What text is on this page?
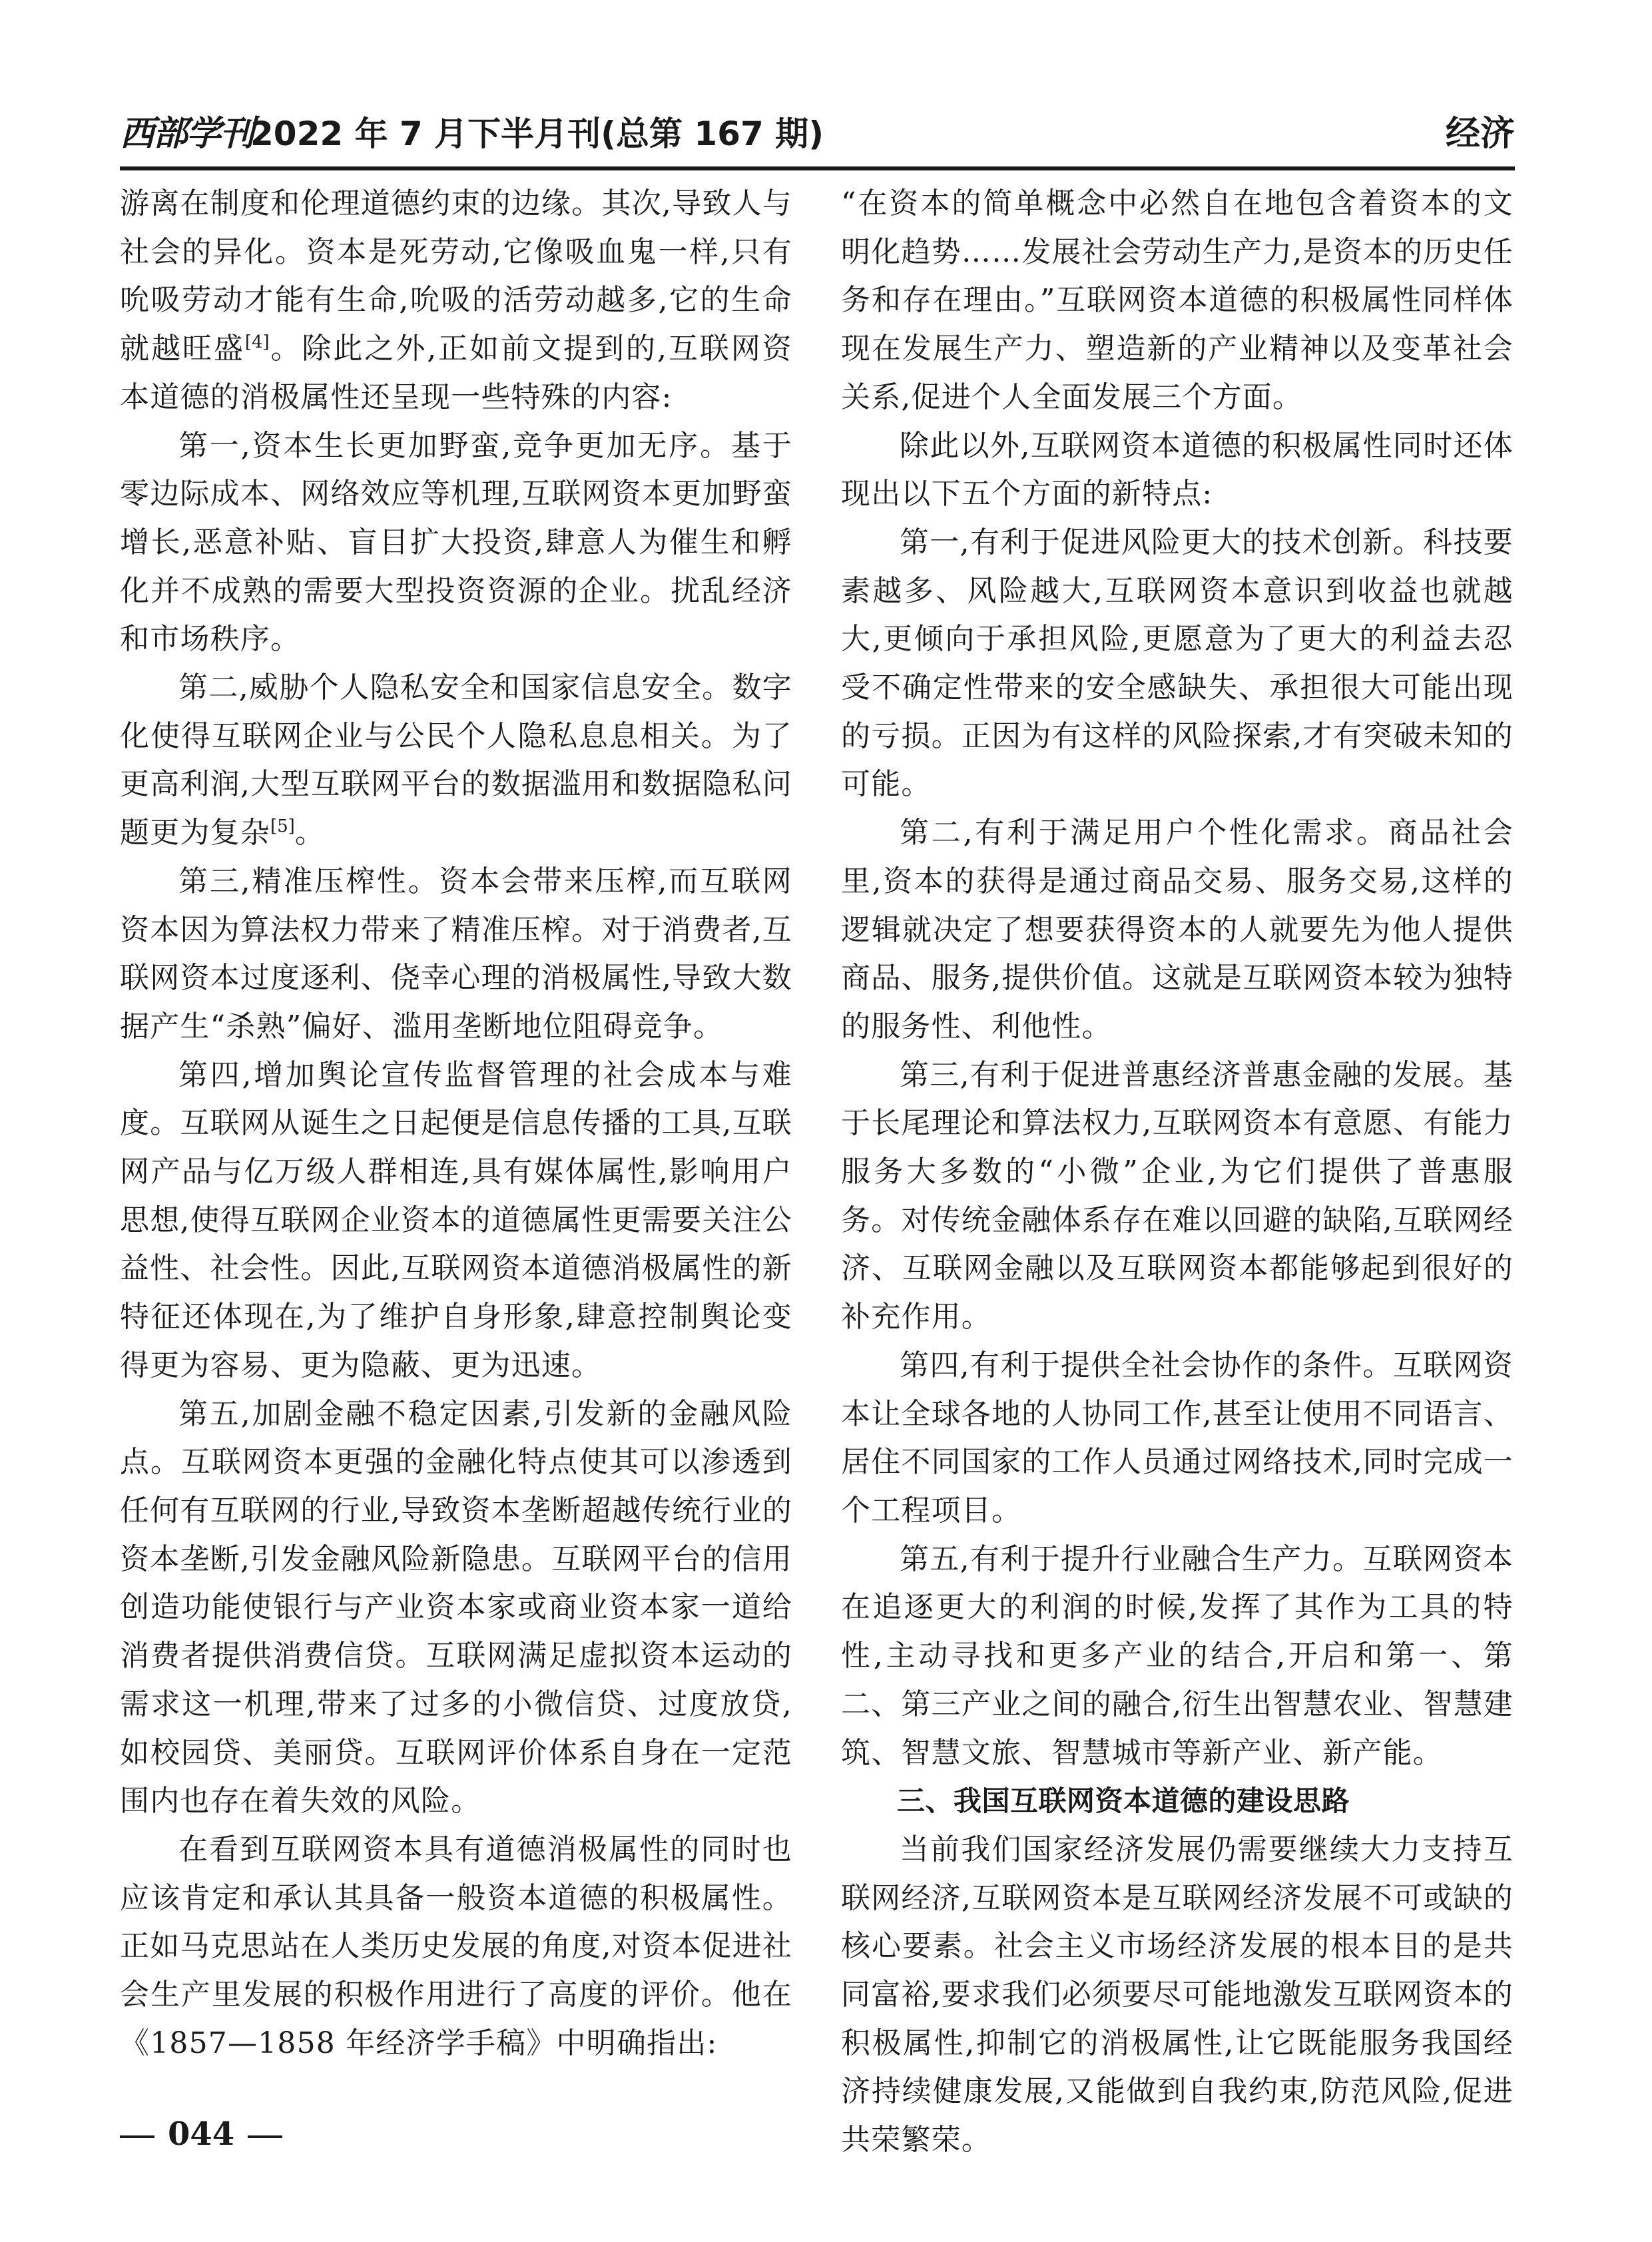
西部学刊
2022 年 7 月下半月刊(总第 167 期)	经济

游离在制度和伦理道德约束的边缘。其次,导致人与社会的异化。资本是死劳动,它像吸血鬼一样,只有吮吸劳动才能有生命,吮吸的活劳动越多,它的生命就越旺盛[4]。除此之外,正如前文提到的,互联网资本道德的消极属性还呈现一些特殊的内容:

第一,资本生长更加野蛮,竞争更加无序。基于零边际成本、网络效应等机理,互联网资本更加野蛮增长,恶意补贴、盲目扩大投资,肆意人为催生和孵化并不成熟的需要大型投资资源的企业。扰乱经济和市场秩序。

第二,威胁个人隐私安全和国家信息安全。数字化使得互联网企业与公民个人隐私息息相关。为了更高利润,大型互联网平台的数据滥用和数据隐私问题更为复杂[5]。

第三,精准压榨性。资本会带来压榨,而互联网资本因为算法权力带来了精准压榨。对于消费者,互联网资本过度逐利、侥幸心理的消极属性,导致大数据产生“杀熟”偏好、滥用垄断地位阻碍竞争。

第四,增加舆论宣传监督管理的社会成本与难度。互联网从诞生之日起便是信息传播的工具,互联网产品与亿万级人群相连,具有媒体属性,影响用户思想,使得互联网企业资本的道德属性更需要关注公益性、社会性。因此,互联网资本道德消极属性的新特征还体现在,为了维护自身形象,肆意控制舆论变得更为容易、更为隐蔽、更为迅速。

第五,加剧金融不稳定因素,引发新的金融风险点。互联网资本更强的金融化特点使其可以渗透到任何有互联网的行业,导致资本垄断超越传统行业的资本垄断,引发金融风险新隐患。互联网平台的信用创造功能使银行与产业资本家或商业资本家一道给消费者提供消费信贷。互联网满足虚拟资本运动的需求这一机理,带来了过多的小微信贷、过度放贷,如校园贷、美丽贷。互联网评价体系自身在一定范围内也存在着失效的风险。

在看到互联网资本具有道德消极属性的同时也应该肯定和承认其具备一般资本道德的积极属性。正如马克思站在人类历史发展的角度,对资本促进社会生产里发展的积极作用进行了高度的评价。他在《1857—1858 年经济学手稿》中明确指出:

“在资本的简单概念中必然自在地包含着资本的文明化趋势……发展社会劳动生产力,是资本的历史任务和存在理由。”互联网资本道德的积极属性同样体现在发展生产力、塑造新的产业精神以及变革社会关系,促进个人全面发展三个方面。

除此以外,互联网资本道德的积极属性同时还体现出以下五个方面的新特点:

第一,有利于促进风险更大的技术创新。科技要素越多、风险越大,互联网资本意识到收益也就越大,更倾向于承担风险,更愿意为了更大的利益去忍受不确定性带来的安全感缺失、承担很大可能出现的亏损。正因为有这样的风险探索,才有突破未知的可能。

第二,有利于满足用户个性化需求。商品社会里,资本的获得是通过商品交易、服务交易,这样的逻辑就决定了想要获得资本的人就要先为他人提供商品、服务,提供价值。这就是互联网资本较为独特的服务性、利他性。

第三,有利于促进普惠经济普惠金融的发展。基于长尾理论和算法权力,互联网资本有意愿、有能力服务大多数的“小微”企业,为它们提供了普惠服务。对传统金融体系存在难以回避的缺陷,互联网经济、互联网金融以及互联网资本都能够起到很好的补充作用。

第四,有利于提供全社会协作的条件。互联网资本让全球各地的人协同工作,甚至让使用不同语言、居住不同国家的工作人员通过网络技术,同时完成一个工程项目。

第五,有利于提升行业融合生产力。互联网资本在追逐更大的利润的时候,发挥了其作为工具的特性,主动寻找和更多产业的结合,开启和第一、第二、第三产业之间的融合,衍生出智慧农业、智慧建筑、智慧文旅、智慧城市等新产业、新产能。

三、我国互联网资本道德的建设思路

当前我们国家经济发展仍需要继续大力支持互联网经济,互联网资本是互联网经济发展不可或缺的核心要素。社会主义市场经济发展的根本目的是共同富裕,要求我们必须要尽可能地激发互联网资本的积极属性,抑制它的消极属性,让它既能服务我国经济持续健康发展,又能做到自我约束,防范风险,促进共荣繁荣。

044
